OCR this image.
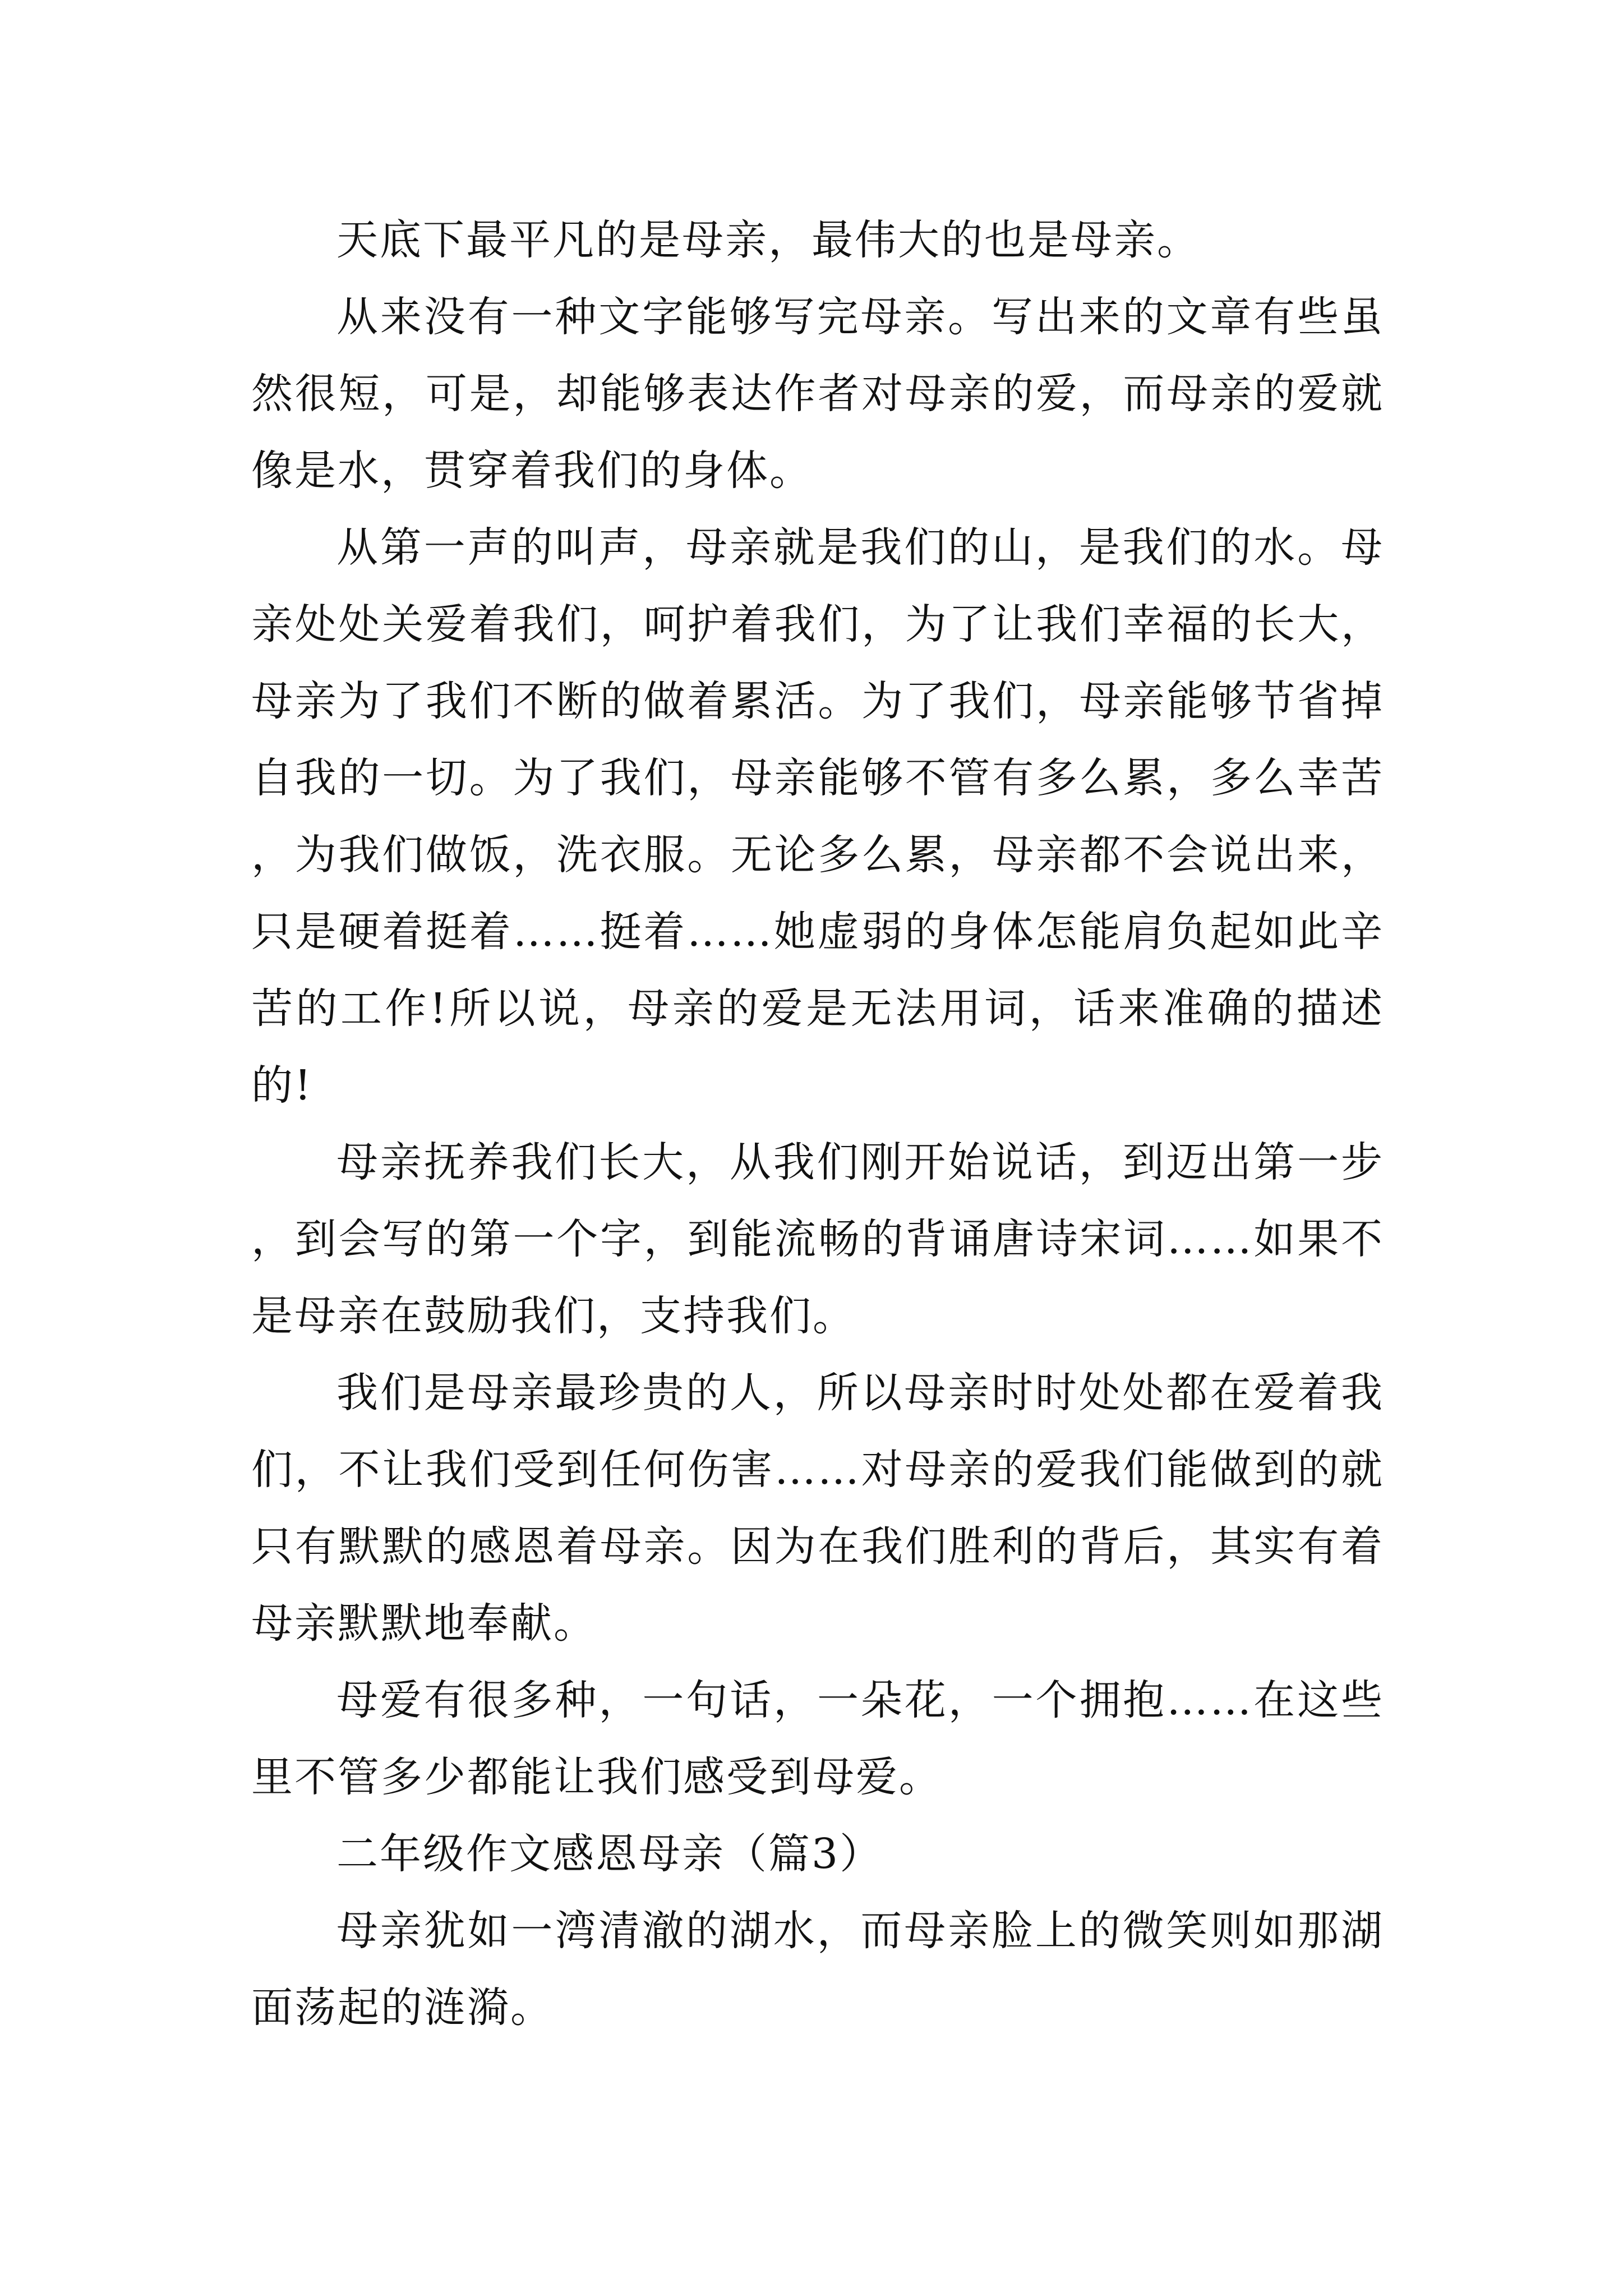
天底下最平凡的是母亲，最伟大的也是母亲。

从来没有一种文字能够写完母亲。写出来的文章有些虽然很短，可是，却能够表达作者对母亲的爱，而母亲的爱就像是水，贯穿着我们的身体。

从第一声的叫声，母亲就是我们的山，是我们的水。母亲处处关爱着我们，呵护着我们，为了让我们幸福的长大，母亲为了我们不断的做着累活。为了我们，母亲能够节省掉自我的一切。为了我们，母亲能够不管有多么累，多么幸苦，为我们做饭，洗衣服。无论多么累，母亲都不会说出来，只是硬着挺着……挺着……她虚弱的身体怎能肩负起如此辛苦的工作!所以说，母亲的爱是无法用词，话来准确的描述的!

母亲抚养我们长大，从我们刚开始说话，到迈出第一步，到会写的第一个字，到能流畅的背诵唐诗宋词……如果不是母亲在鼓励我们，支持我们。

我们是母亲最珍贵的人，所以母亲时时处处都在爱着我们，不让我们受到任何伤害……对母亲的爱我们能做到的就只有默默的感恩着母亲。因为在我们胜利的背后，其实有着母亲默默地奉献。

母爱有很多种，一句话，一朵花，一个拥抱……在这些里不管多少都能让我们感受到母爱。

二年级作文感恩母亲（篇3）

母亲犹如一湾清澈的湖水，而母亲脸上的微笑则如那湖面荡起的涟漪。
